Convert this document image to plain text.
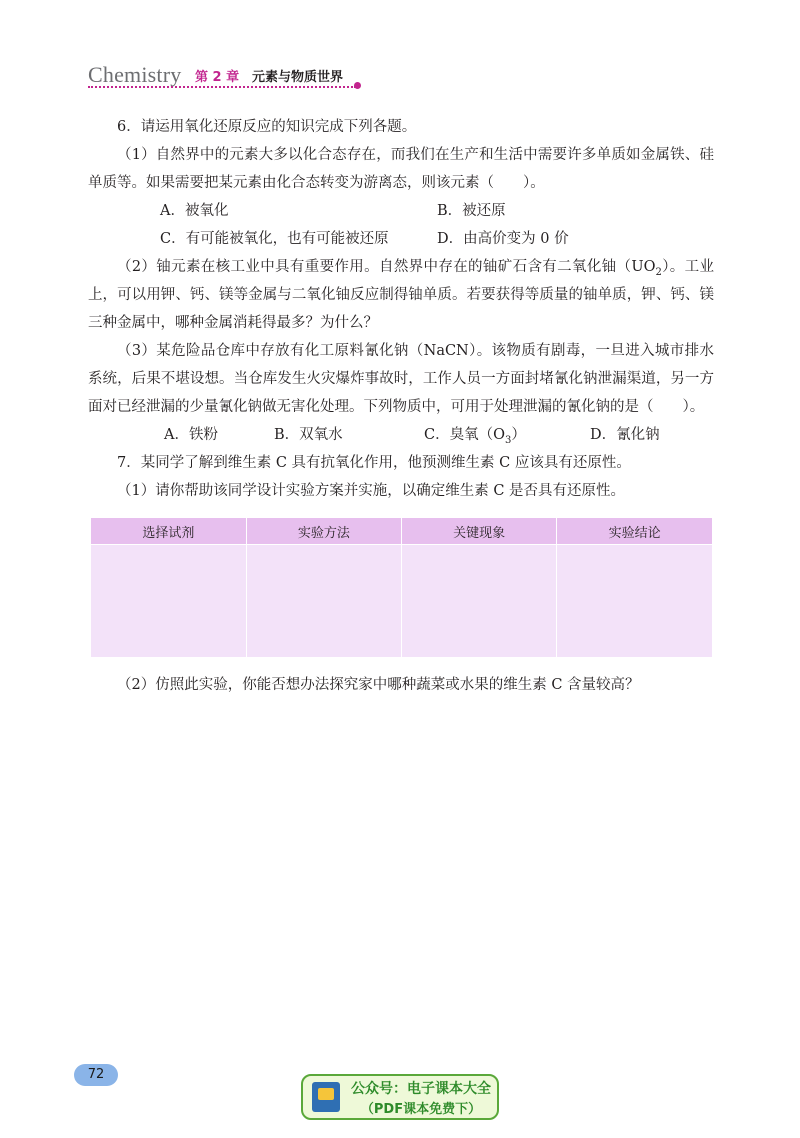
Chemistry 第 2 章 元素与物质世界

6．请运用氧化还原反应的知识完成下列各题。

（1）自然界中的元素大多以化合态存在，而我们在生产和生活中需要许多单质如金属铁、硅单质等。如果需要把某元素由化合态转变为游离态，则该元素（　　）。

A．被氧化	B．被还原
C．有可能被氧化，也有可能被还原	D．由高价变为 0 价

（2）铀元素在核工业中具有重要作用。自然界中存在的铀矿石含有二氧化铀$(UO_2)$。工业上，可以用钾、钙、镁等金属与二氧化铀反应制得铀单质。若要获得等质量的铀单质，钾、钙、镁三种金属中，哪种金属消耗得最多？为什么？

（3）某危险品仓库中存放有化工原料氰化钠（NaCN）。该物质有剧毒，一旦进入城市排水系统，后果不堪设想。当仓库发生火灾爆炸事故时，工作人员一方面封堵氰化钠泄漏渠道，另一方面对已经泄漏的少量氰化钠做无害化处理。下列物质中，可用于处理泄漏的氰化钠的是（　　）。

A．铁粉	B．双氧水	C．臭氧$(O_3)$	D．氰化钠

7．某同学了解到维生素 C 具有抗氧化作用，他预测维生素 C 应该具有还原性。

（1）请你帮助该同学设计实验方案并实施，以确定维生素 C 是否具有还原性。

选择试剂	实验方法	关键现象	实验结论

（2）仿照此实验，你能否想办法探究家中哪种蔬菜或水果的维生素 C 含量较高？

72
公众号：电子课本大全
（PDF课本免费下）
